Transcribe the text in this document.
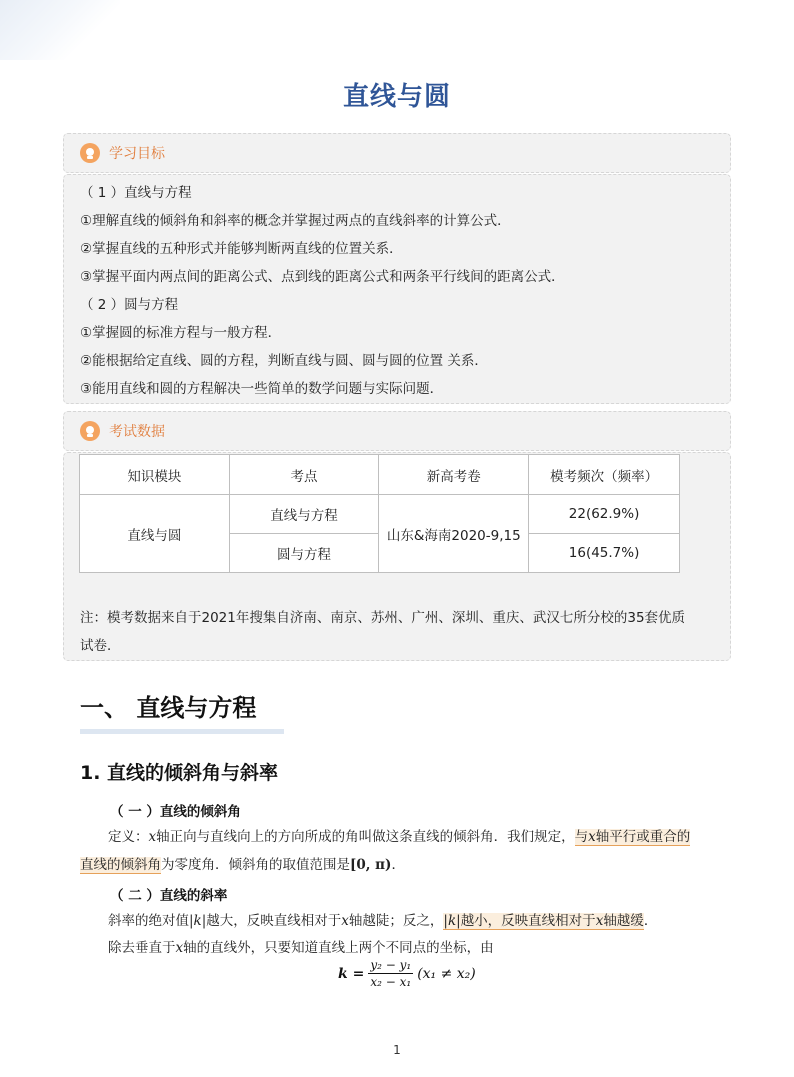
直线与圆
学习目标
（ 1 ）直线与方程
①理解直线的倾斜角和斜率的概念并掌握过两点的直线斜率的计算公式．
②掌握直线的五种形式并能够判断两直线的位置关系．
③掌握平面内两点间的距离公式、点到线的距离公式和两条平行线间的距离公式．
（ 2 ）圆与方程
①掌握圆的标准方程与一般方程．
②能根据给定直线、圆的方程，判断直线与圆、圆与圆的位置 关系．
③能用直线和圆的方程解决一些简单的数学问题与实际问题．
考试数据
知识模块	考点	新高考卷	模考频次（频率）
直线与圆	直线与方程	山东&海南2020-9,15	22(62.9%)
	圆与方程		16(45.7%)
注：模考数据来自于2021年搜集自济南、南京、苏州、广州、深圳、重庆、武汉七所分校的35套优质
试卷．
一、 直线与方程
1. 直线的倾斜角与斜率
（ 一 ）直线的倾斜角
定义：x轴正向与直线向上的方向所成的角叫做这条直线的倾斜角．我们规定，与x轴平行或重合的
直线的倾斜角为零度角．倾斜角的取值范围是[0, π)．
（ 二 ）直线的斜率
斜率的绝对值|k|越大，反映直线相对于x轴越陡；反之，|k|越小，反映直线相对于x轴越缓．
除去垂直于x轴的直线外，只要知道直线上两个不同点的坐标，由
$k = \frac{\text{y₂ − y₁}}{\text{x₂ − x₁}} (x_1 \ne x_2)$
1
